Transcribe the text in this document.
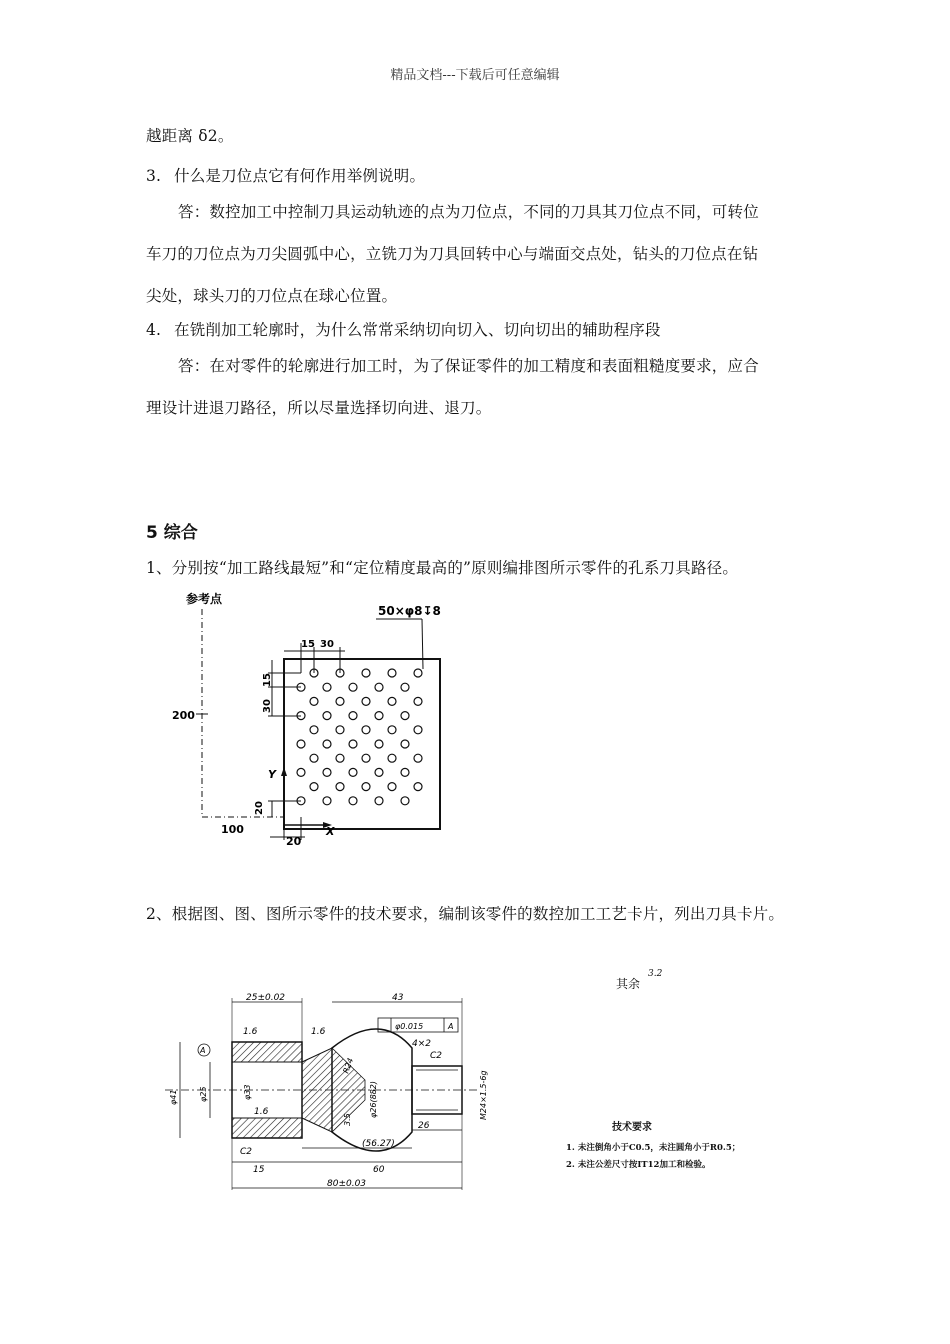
精品文档---下载后可任意编辑
越距离 δ2。
3. 什么是刀位点它有何作用举例说明。
答：数控加工中控制刀具运动轨迹的点为刀位点，不同的刀具其刀位点不同，可转位
车刀的刀位点为刀尖圆弧中心，立铣刀为刀具回转中心与端面交点处，钻头的刀位点在钻
尖处，球头刀的刀位点在球心位置。
4. 在铣削加工轮廓时，为什么常常采纳切向切入、切向切出的辅助程序段
答：在对零件的轮廓进行加工时，为了保证零件的加工精度和表面粗糙度要求，应合
理设计进退刀路径，所以尽量选择切向进、退刀。
5 综合
1、分别按“加工路线最短”和“定位精度最高的”原则编排图所示零件的孔系刀具路径。
参考点
200
100
50×φ8↧8
15 30
15
30
20
20
Y
X
2、根据图、图、图所示零件的技术要求，编制该零件的数控加工工艺卡片，列出刀具卡片。
25±0.02	43
1.6	1.6
1.6
A
φ0.015	A
4×2
C2
φ41	φ25	φ33
R24
φ26(882)
3.5	M24×1.5-6g
26
C2
(56.27)
15	60
80±0.03
其余
3.2
技术要求
1. 未注倒角小于C0.5，未注圆角小于R0.5；
2. 未注公差尺寸按IT12加工和检验。
